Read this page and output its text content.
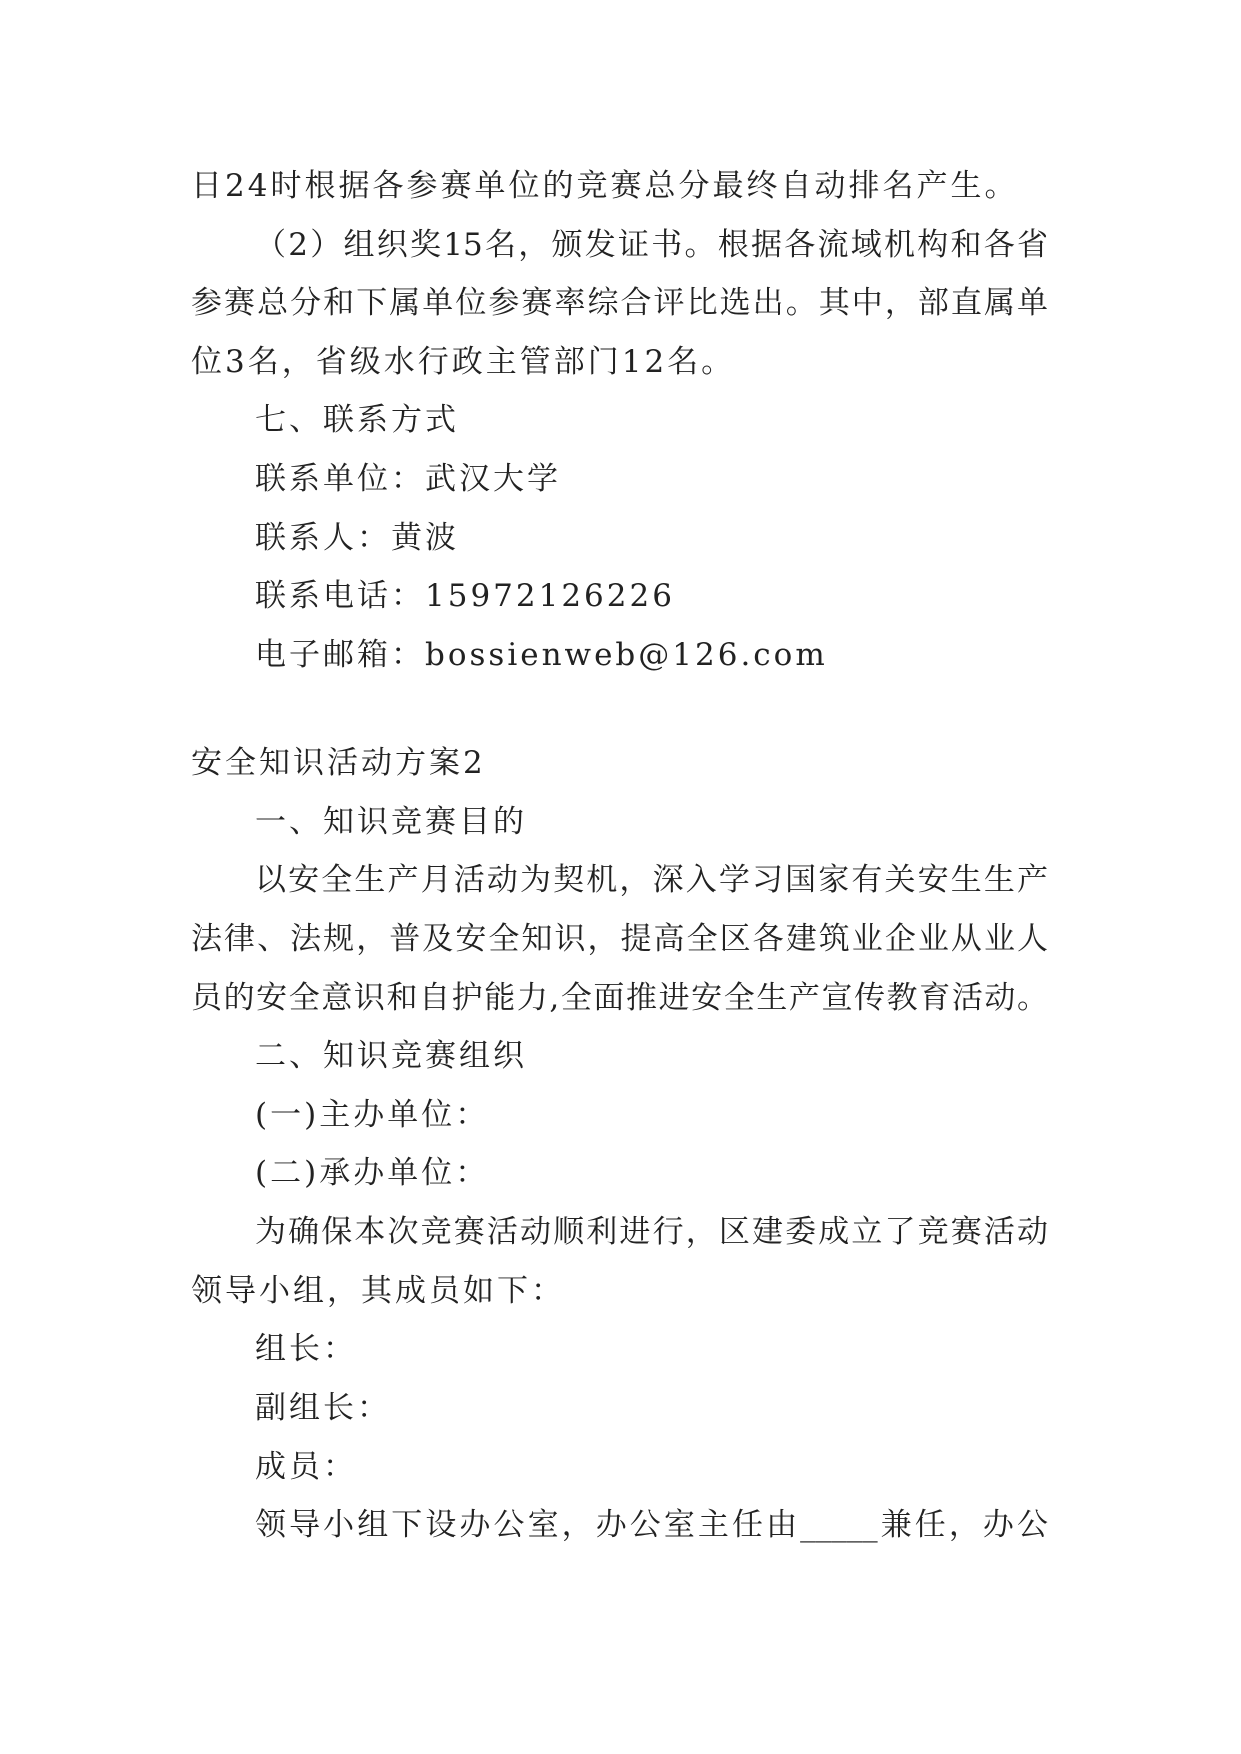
日24时根据各参赛单位的竞赛总分最终自动排名产生。
（2）组织奖15名，颁发证书。根据各流域机构和各省
参赛总分和下属单位参赛率综合评比选出。其中，部直属单
位3名，省级水行政主管部门12名。
七、联系方式
联系单位：武汉大学
联系人：黄波
联系电话：15972126226
电子邮箱：bossienweb@126.com
安全知识活动方案2
一、知识竞赛目的
以安全生产月活动为契机，深入学习国家有关安生生产
法律、法规，普及安全知识，提高全区各建筑业企业从业人
员的安全意识和自护能力,全面推进安全生产宣传教育活动。
二、知识竞赛组织
(一)主办单位：
(二)承办单位：
为确保本次竞赛活动顺利进行，区建委成立了竞赛活动
领导小组，其成员如下：
组长：
副组长：
成员：
领导小组下设办公室，办公室主任由_____兼任，办公
